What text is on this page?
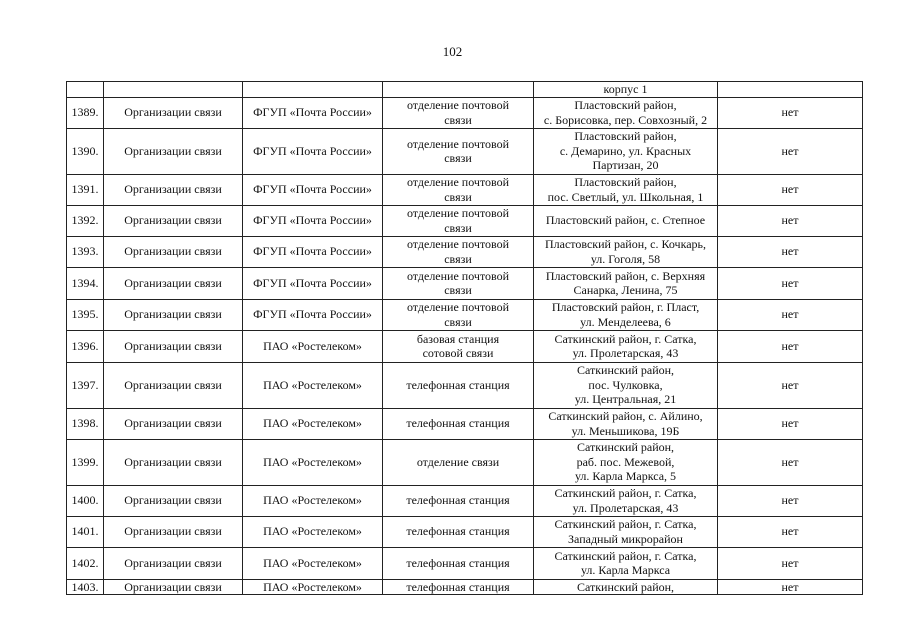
102
				корпус 1	
1389.	Организации связи	ФГУП «Почта России»	отделение почтовой
связи	Пластовский район,
с. Борисовка, пер. Совхозный, 2	нет
1390.	Организации связи	ФГУП «Почта России»	отделение почтовой
связи	Пластовский район,
с. Демарино, ул. Красных
Партизан, 20	нет
1391.	Организации связи	ФГУП «Почта России»	отделение почтовой
связи	Пластовский район,
пос. Светлый, ул. Школьная, 1	нет
1392.	Организации связи	ФГУП «Почта России»	отделение почтовой
связи	Пластовский район, с. Степное	нет
1393.	Организации связи	ФГУП «Почта России»	отделение почтовой
связи	Пластовский район, с. Кочкарь,
ул. Гоголя, 58	нет
1394.	Организации связи	ФГУП «Почта России»	отделение почтовой
связи	Пластовский район, с. Верхняя
Санарка, Ленина, 75	нет
1395.	Организации связи	ФГУП «Почта России»	отделение почтовой
связи	Пластовский район, г. Пласт,
ул. Менделеева, 6	нет
1396.	Организации связи	ПАО «Ростелеком»	базовая станция
сотовой связи	Саткинский район, г. Сатка,
ул. Пролетарская, 43	нет
1397.	Организации связи	ПАО «Ростелеком»	телефонная станция	Саткинский район,
пос. Чулковка,
ул. Центральная, 21	нет
1398.	Организации связи	ПАО «Ростелеком»	телефонная станция	Саткинский район, с. Айлино,
ул. Меньшикова, 19Б	нет
1399.	Организации связи	ПАО «Ростелеком»	отделение связи	Саткинский район,
раб. пос. Межевой,
ул. Карла Маркса, 5	нет
1400.	Организации связи	ПАО «Ростелеком»	телефонная станция	Саткинский район, г. Сатка,
ул. Пролетарская, 43	нет
1401.	Организации связи	ПАО «Ростелеком»	телефонная станция	Саткинский район, г. Сатка,
Западный микрорайон	нет
1402.	Организации связи	ПАО «Ростелеком»	телефонная станция	Саткинский район, г. Сатка,
ул. Карла Маркса	нет
1403.	Организации связи	ПАО «Ростелеком»	телефонная станция	Саткинский район,	нет
